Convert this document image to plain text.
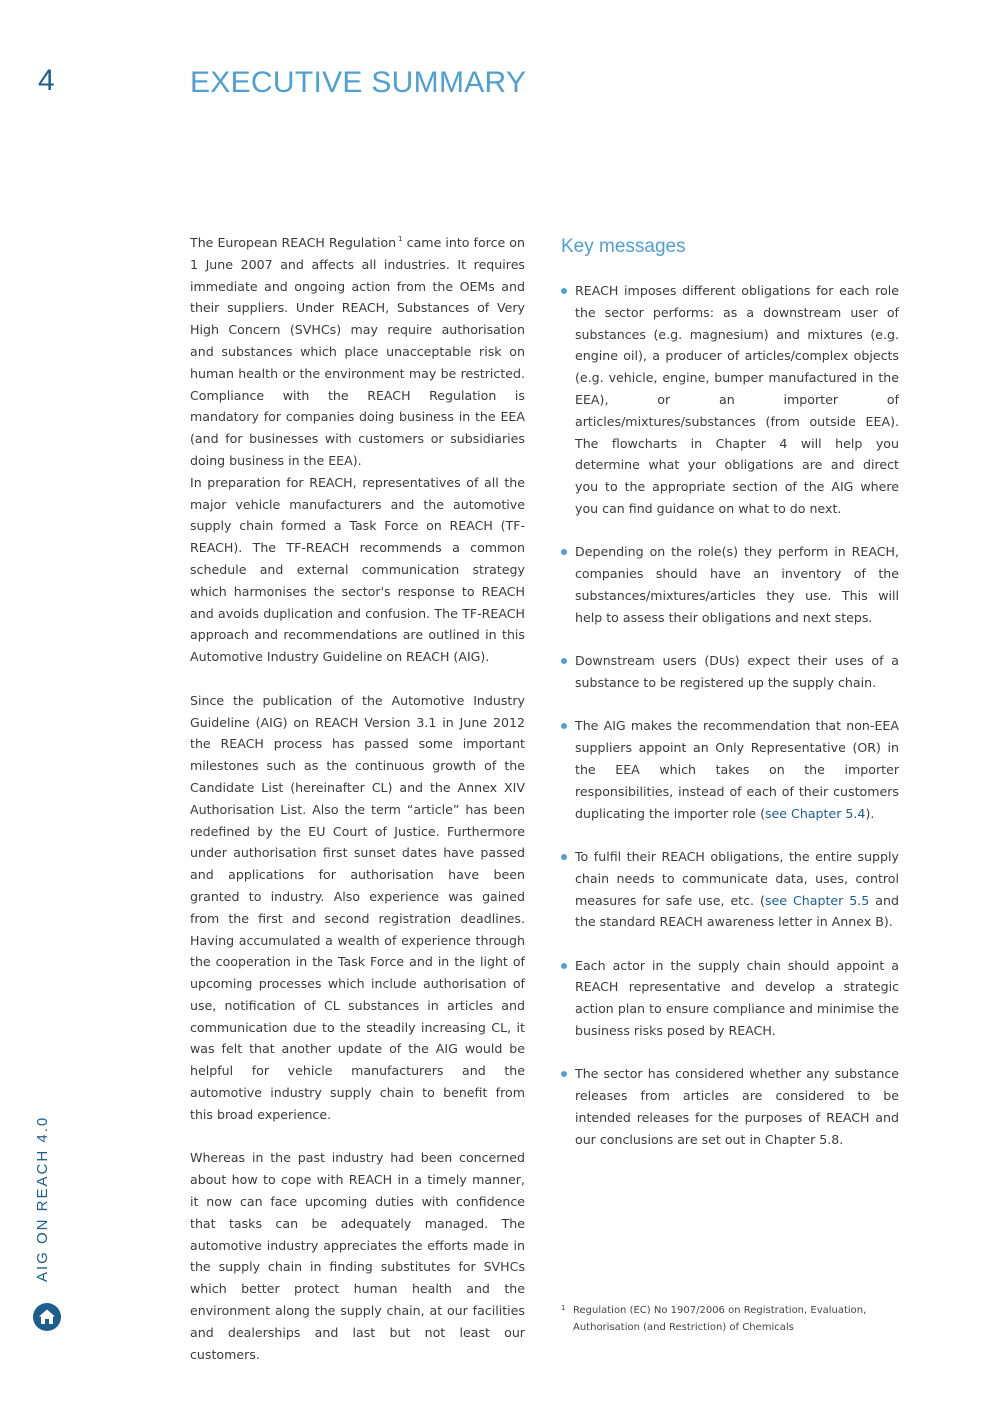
4	EXECUTIVE SUMMARY

The European REACH Regulation $^1$ came into force on 1 June 2007 and affects all industries. It requires immediate and ongoing action from the OEMs and their suppliers. Under REACH, Substances of Very High Concern (SVHCs) may require authorisation and substances which place unacceptable risk on human health or the environment may be restricted. Compliance with the REACH Regulation is mandatory for companies doing business in the EEA (and for businesses with customers or subsidiaries doing business in the EEA).

In preparation for REACH, representatives of all the major vehicle manufacturers and the automotive supply chain formed a Task Force on REACH (TF-REACH). The TF-REACH recommends a common schedule and external communication strategy which harmonises the sector's response to REACH and avoids duplication and confusion. The TF-REACH approach and recommendations are outlined in this Automotive Industry Guideline on REACH (AIG).

Since the publication of the Automotive Industry Guideline (AIG) on REACH Version 3.1 in June 2012 the REACH process has passed some important milestones such as the continuous growth of the Candidate List (hereinafter CL) and the Annex XIV Authorisation List. Also the term “article” has been redefined by the EU Court of Justice. Furthermore under authorisation first sunset dates have passed and applications for authorisation have been granted to industry. Also experience was gained from the first and second registration deadlines. Having accumulated a wealth of experience through the cooperation in the Task Force and in the light of upcoming processes which include authorisation of use, notification of CL substances in articles and communication due to the steadily increasing CL, it was felt that another update of the AIG would be helpful for vehicle manufacturers and the automotive industry supply chain to benefit from this broad experience.

Whereas in the past industry had been concerned about how to cope with REACH in a timely manner, it now can face upcoming duties with confidence that tasks can be adequately managed. The automotive industry appreciates the efforts made in the supply chain in finding substitutes for SVHCs which better protect human health and the environment along the supply chain, at our facilities and dealerships and last but not least our customers.

Key messages
REACH imposes different obligations for each role the sector performs: as a downstream user of substances (e.g. magnesium) and mixtures (e.g. engine oil), a producer of articles/complex objects (e.g. vehicle, engine, bumper manufactured in the EEA), or an importer of articles/mixtures/substances (from outside EEA). The flowcharts in Chapter 4 will help you determine what your obligations are and direct you to the appropriate section of the AIG where you can find guidance on what to do next.
Depending on the role(s) they perform in REACH, companies should have an inventory of the substances/mixtures/articles they use. This will help to assess their obligations and next steps.
Downstream users (DUs) expect their uses of a substance to be registered up the supply chain.
The AIG makes the recommendation that non-EEA suppliers appoint an Only Representative (OR) in the EEA which takes on the importer responsibilities, instead of each of their customers duplicating the importer role (see Chapter 5.4).
To fulfil their REACH obligations, the entire supply chain needs to communicate data, uses, control measures for safe use, etc. (see Chapter 5.5 and the standard REACH awareness letter in Annex B).
Each actor in the supply chain should appoint a REACH representative and develop a strategic action plan to ensure compliance and minimise the business risks posed by REACH.
The sector has considered whether any substance releases from articles are considered to be intended releases for the purposes of REACH and our conclusions are set out in Chapter 5.8.
1 Regulation (EC) No 1907/2006 on Registration, Evaluation, Authorisation (and Restriction) of Chemicals
AIG ON REACH 4.0
